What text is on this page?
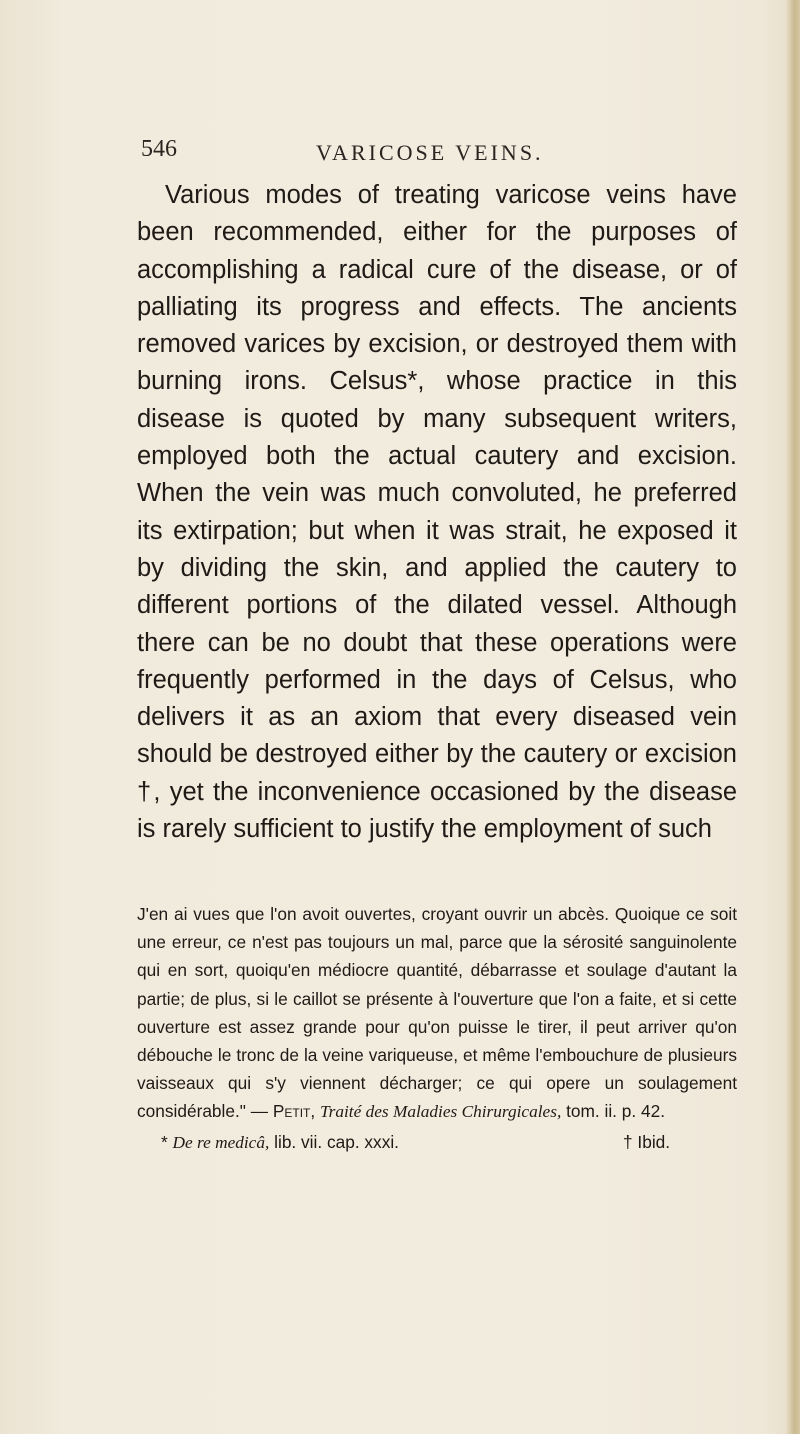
546	VARICOSE VEINS.

Various modes of treating varicose veins have been recommended, either for the purposes of accomplishing a radical cure of the disease, or of palliating its progress and effects. The ancients removed varices by excision, or destroyed them with burning irons. Celsus*, whose practice in this disease is quoted by many subsequent writers, employed both the actual cautery and excision. When the vein was much convoluted, he preferred its extirpation; but when it was strait, he exposed it by dividing the skin, and applied the cautery to different portions of the dilated vessel. Although there can be no doubt that these operations were frequently performed in the days of Celsus, who delivers it as an axiom that every diseased vein should be destroyed either by the cautery or excision †, yet the inconvenience occasioned by the disease is rarely sufficient to justify the employment of such

J'en ai vues que l'on avoit ouvertes, croyant ouvrir un abcès. Quoique ce soit une erreur, ce n'est pas toujours un mal, parce que la sérosité sanguinolente qui en sort, quoiqu'en médiocre quantité, débarrasse et soulage d'autant la partie; de plus, si le caillot se présente à l'ouverture que l'on a faite, et si cette ouverture est assez grande pour qu'on puisse le tirer, il peut arriver qu'on débouche le tronc de la veine variqueuse, et même l'embouchure de plusieurs vaisseaux qui s'y viennent décharger; ce qui opere un soulagement considérable." — Petit, Traité des Maladies Chirurgicales, tom. ii. p. 42.

* De re medicâ, lib. vii. cap. xxxi.	† Ibid.
